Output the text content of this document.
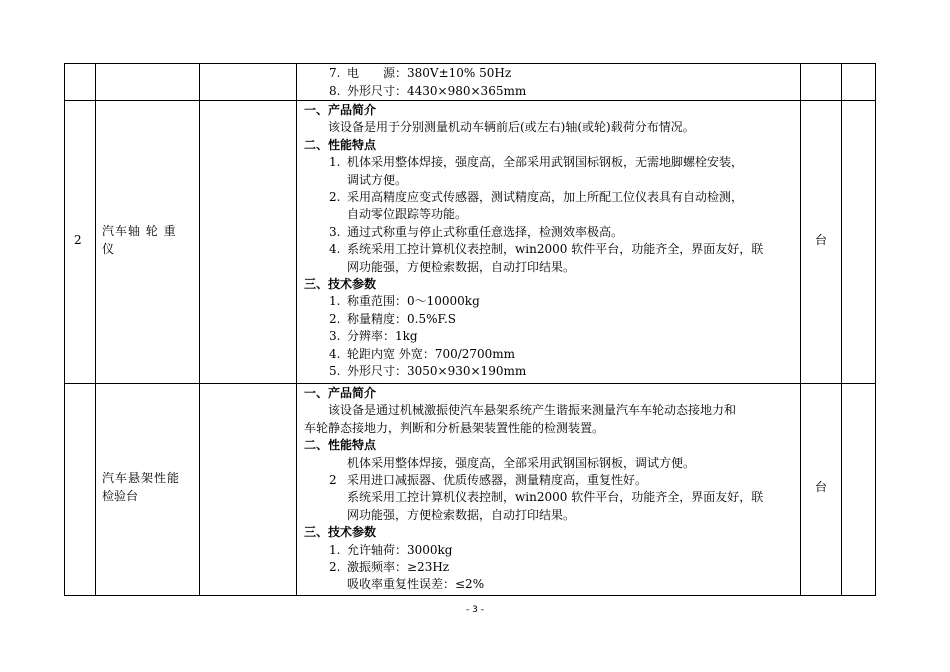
7. 电　　源：380V±10% 50Hz
8. 外形尺寸：4430×980×365mm
2
汽车轴 轮 重
仪
台
一、产品简介
该设备是用于分别测量机动车辆前后(或左右)轴(或轮)载荷分布情况。
二、性能特点
1. 机体采用整体焊接，强度高，全部采用武钢国标钢板，无需地脚螺栓安装，
调试方便。
2. 采用高精度应变式传感器，测试精度高，加上所配工位仪表具有自动检测，
自动零位跟踪等功能。
3. 通过式称重与停止式称重任意选择，检测效率极高。
4. 系统采用工控计算机仪表控制，win2000 软件平台，功能齐全，界面友好，联
网功能强，方便检索数据，自动打印结果。
三、技术参数
1. 称重范围：0～10000kg
2. 称量精度：0.5%F.S
3. 分辨率：1kg
4. 轮距内宽 外宽：700/2700mm
5. 外形尺寸：3050×930×190mm
汽车悬架性能
检验台
台
一、产品简介
该设备是通过机械激振使汽车悬架系统产生谐振来测量汽车车轮动态接地力和
车轮静态接地力，判断和分析悬架装置性能的检测装置。
二、性能特点
机体采用整体焊接，强度高，全部采用武钢国标钢板，调试方便。
2 采用进口减振器、优质传感器，测量精度高，重复性好。
系统采用工控计算机仪表控制，win2000 软件平台，功能齐全，界面友好，联
网功能强，方便检索数据，自动打印结果。
三、技术参数
1. 允许轴荷：3000kg
2. 激振频率：≥23Hz
吸收率重复性误差：≤2%
- 3 -
